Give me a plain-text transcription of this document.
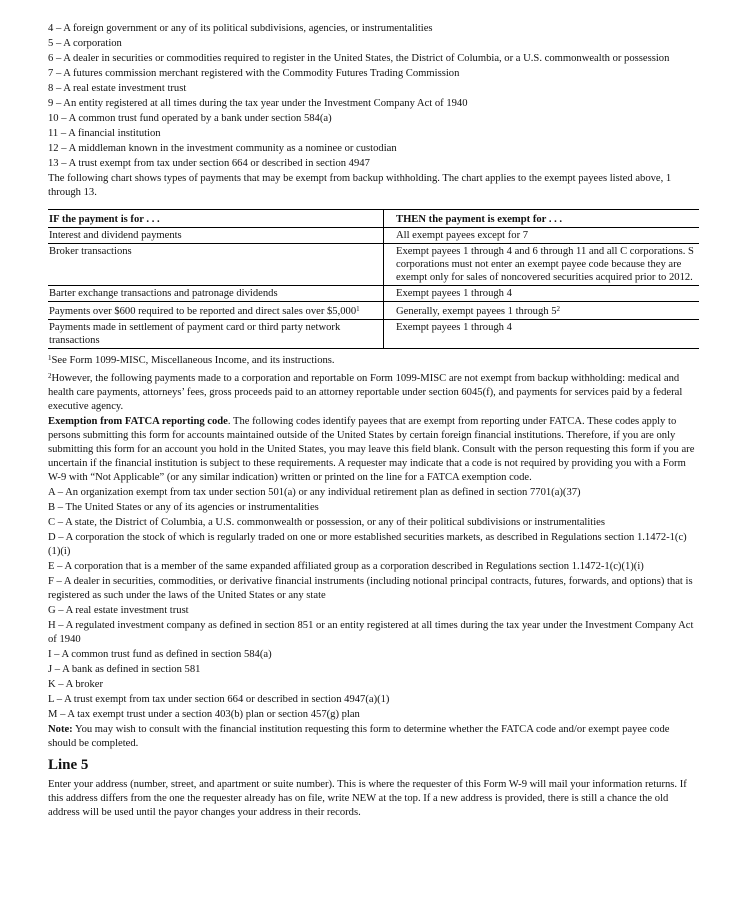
4 – A foreign government or any of its political subdivisions, agencies, or instrumentalities

5 – A corporation

6 – A dealer in securities or commodities required to register in the United States, the District of Columbia, or a U.S. commonwealth or possession

7 – A futures commission merchant registered with the Commodity Futures Trading Commission

8 – A real estate investment trust

9 – An entity registered at all times during the tax year under the Investment Company Act of 1940

10 – A common trust fund operated by a bank under section 584(a)

11 – A financial institution

12 – A middleman known in the investment community as a nominee or custodian

13 – A trust exempt from tax under section 664 or described in section 4947

The following chart shows types of payments that may be exempt from backup withholding. The chart applies to the exempt payees listed above, 1 through 13.

IF the payment is for . . .	THEN the payment is exempt for . . .
Interest and dividend payments	All exempt payees except for 7
Broker transactions	Exempt payees 1 through 4 and 6 through 11 and all C corporations. S corporations must not enter an exempt payee code because they are exempt only for sales of noncovered securities acquired prior to 2012.
Barter exchange transactions and patronage dividends	Exempt payees 1 through 4
Payments over $600 required to be reported and direct sales over $5,000$^1$	Generally, exempt payees 1 through $5^2$
Payments made in settlement of payment card or third party network transactions	Exempt payees 1 through 4

$^1$See Form 1099-MISC, Miscellaneous Income, and its instructions.

$^2$However, the following payments made to a corporation and reportable on Form 1099-MISC are not exempt from backup withholding: medical and health care payments, attorneys’ fees, gross proceeds paid to an attorney reportable under section 6045(f), and payments for services paid by a federal executive agency.

Exemption from FATCA reporting code. The following codes identify payees that are exempt from reporting under FATCA. These codes apply to persons submitting this form for accounts maintained outside of the United States by certain foreign financial institutions. Therefore, if you are only submitting this form for an account you hold in the United States, you may leave this field blank. Consult with the person requesting this form if you are uncertain if the financial institution is subject to these requirements. A requester may indicate that a code is not required by providing you with a Form W-9 with “Not Applicable” (or any similar indication) written or printed on the line for a FATCA exemption code.

A – An organization exempt from tax under section 501(a) or any individual retirement plan as defined in section 7701(a)(37)

B – The United States or any of its agencies or instrumentalities

C – A state, the District of Columbia, a U.S. commonwealth or possession, or any of their political subdivisions or instrumentalities

D – A corporation the stock of which is regularly traded on one or more established securities markets, as described in Regulations section 1.1472-1(c)(1)(i)

E – A corporation that is a member of the same expanded affiliated group as a corporation described in Regulations section 1.1472-1(c)(1)(i)

F – A dealer in securities, commodities, or derivative financial instruments (including notional principal contracts, futures, forwards, and options) that is registered as such under the laws of the United States or any state

G – A real estate investment trust

H – A regulated investment company as defined in section 851 or an entity registered at all times during the tax year under the Investment Company Act of 1940

I – A common trust fund as defined in section 584(a)

J – A bank as defined in section 581

K – A broker

L – A trust exempt from tax under section 664 or described in section 4947(a)(1)

M – A tax exempt trust under a section 403(b) plan or section 457(g) plan

Note: You may wish to consult with the financial institution requesting this form to determine whether the FATCA code and/or exempt payee code should be completed.

Line 5

Enter your address (number, street, and apartment or suite number). This is where the requester of this Form W-9 will mail your information returns. If this address differs from the one the requester already has on file, write NEW at the top. If a new address is provided, there is still a chance the old address will be used until the payor changes your address in their records.
